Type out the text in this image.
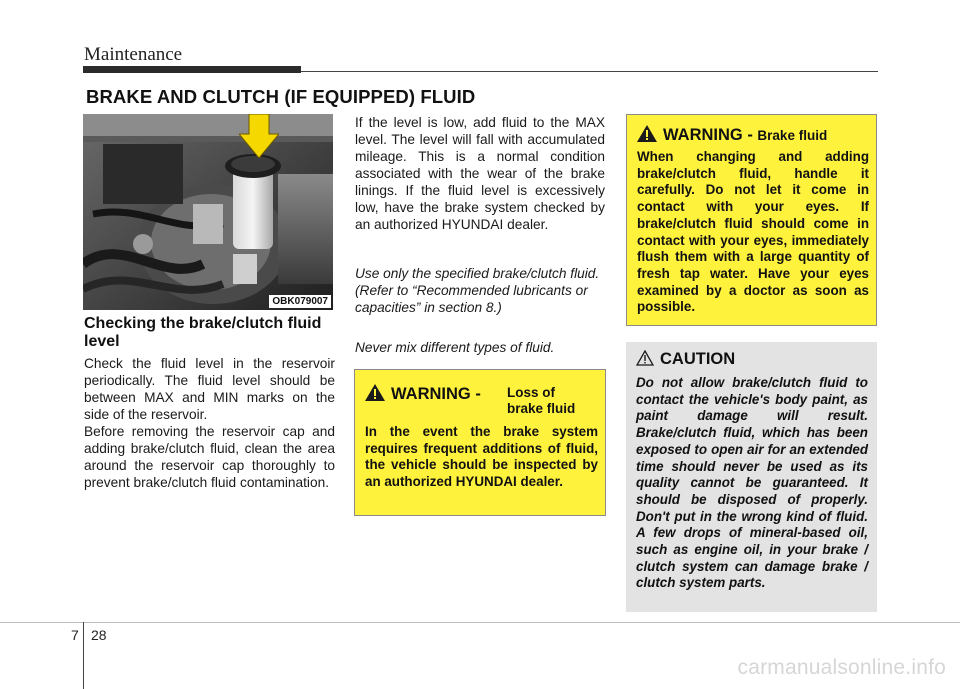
Maintenance
BRAKE AND CLUTCH (IF EQUIPPED) FLUID
OBK079007
Checking the brake/clutch fluid level
Check the fluid level in the reservoir periodically. The fluid level should be between MAX and MIN marks on the side of the reservoir.
Before removing the reservoir cap and adding brake/clutch fluid, clean the area around the reservoir cap thoroughly to prevent brake/clutch fluid contamination.
If the level is low, add fluid to the MAX level. The level will fall with accumulated mileage. This is a normal condition associated with the wear of the brake linings. If the fluid level is excessively low, have the brake system checked by an authorized HYUNDAI dealer.
Use only the specified brake/clutch fluid. (Refer to “Recommended lubricants or capacities” in section 8.)
Never mix different types of fluid.
WARNING - Loss of
brake fluid
In the event the brake system requires frequent additions of fluid, the vehicle should be inspected by an authorized HYUNDAI dealer.
WARNING - Brake fluid
When changing and adding brake/clutch fluid, handle it carefully. Do not let it come in contact with your eyes. If brake/clutch fluid should come in contact with your eyes, immediately flush them with a large quantity of fresh tap water. Have your eyes examined by a doctor as soon as possible.
CAUTION
Do not allow brake/clutch fluid to contact the vehicle's body paint, as paint damage will result. Brake/clutch fluid, which has been exposed to open air for an extended time should never be used as its quality cannot be guaranteed. It should be disposed of properly. Don't put in the wrong kind of fluid. A few drops of mineral-based oil, such as engine oil, in your brake / clutch system can damage brake / clutch system parts.
7 28
carmanualsonline.info
